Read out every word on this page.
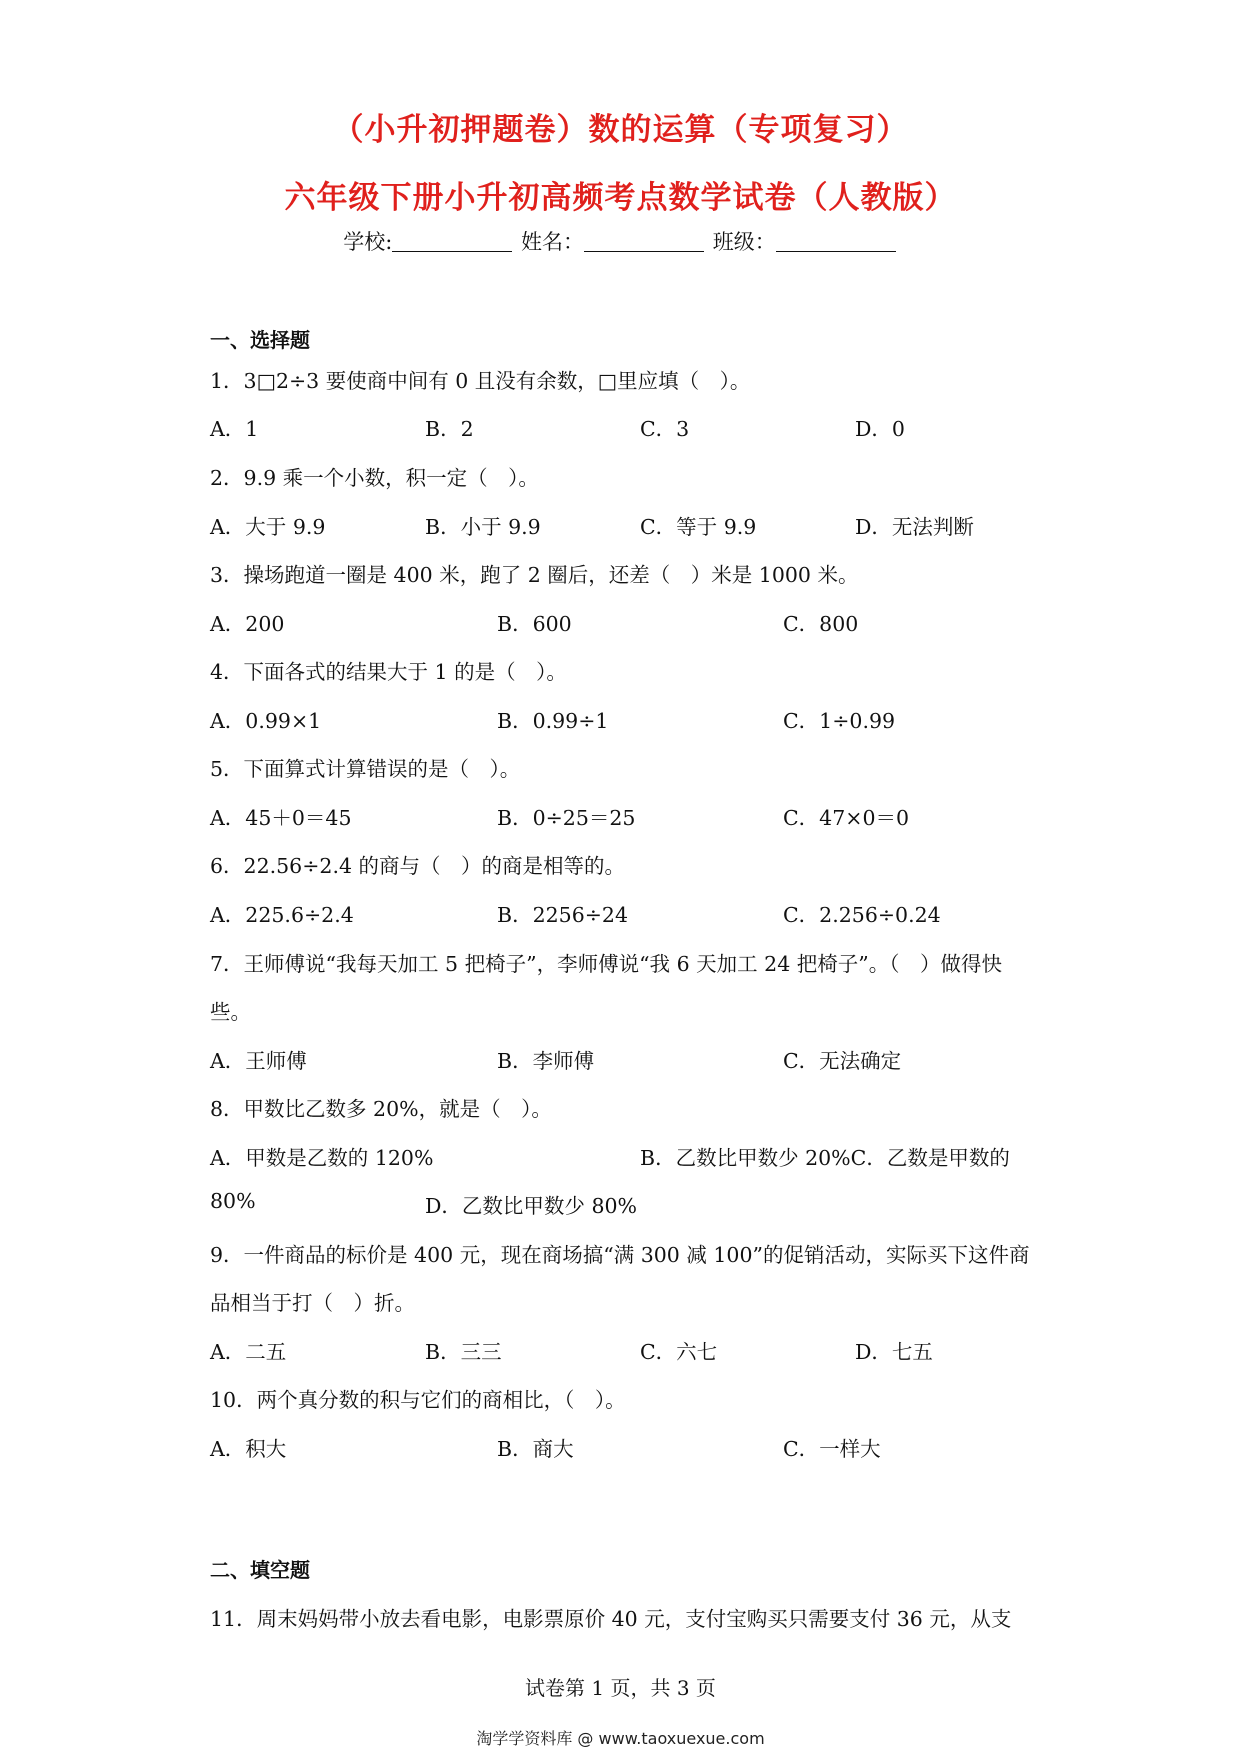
（小升初押题卷）数的运算（专项复习）
六年级下册小升初高频考点数学试卷（人教版）
学校:	姓名：	班级：
一、选择题
1．3□2÷3 要使商中间有 0 且没有余数，□里应填（　）。
A．1	B．2	C．3	D．0
2．9.9 乘一个小数，积一定（　）。
A．大于 9.9	B．小于 9.9	C．等于 9.9	D．无法判断
3．操场跑道一圈是 400 米，跑了 2 圈后，还差（　）米是 1000 米。
A．200	B．600	C．800
4．下面各式的结果大于 1 的是（　）。
A．0.99×1	B．0.99÷1	C．1÷0.99
5．下面算式计算错误的是（　）。
A．45＋0＝45	B．0÷25＝25	C．47×0＝0
6．22.56÷2.4 的商与（　）的商是相等的。
A．225.6÷2.4	B．2256÷24	C．2.256÷0.24
7．王师傅说“我每天加工 5 把椅子”，李师傅说“我 6 天加工 24 把椅子”。（　）做得快
些。
A．王师傅	B．李师傅	C．无法确定
8．甲数比乙数多 20%，就是（　）。
A．甲数是乙数的 120%	B．乙数比甲数少 20%C．乙数是甲数的
80%	D．乙数比甲数少 80%
9．一件商品的标价是 400 元，现在商场搞“满 300 减 100”的促销活动，实际买下这件商
品相当于打（　）折。
A．二五	B．三三	C．六七	D．七五
10．两个真分数的积与它们的商相比，（　）。
A．积大	B．商大	C．一样大
二、填空题
11．周末妈妈带小放去看电影，电影票原价 40 元，支付宝购买只需要支付 36 元，从支
试卷第 1 页，共 3 页
淘学学资料库 @ www.taoxuexue.com
